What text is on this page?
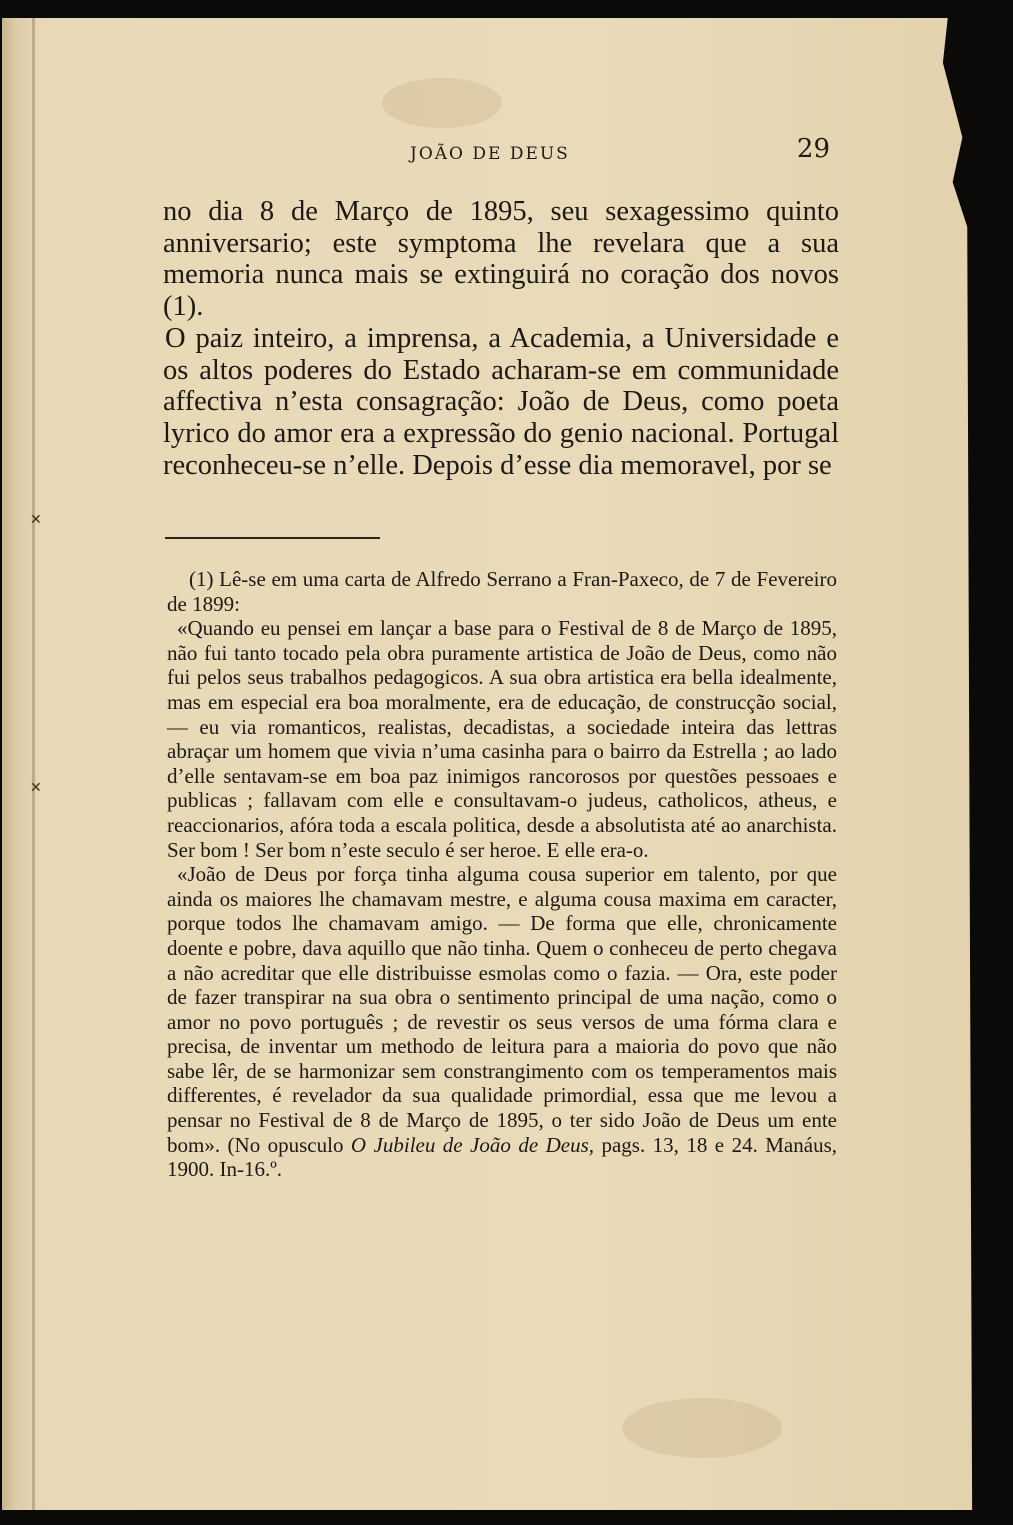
✕
✕
JOÃO DE DEUS	29

no dia 8 de Março de 1895, seu sexagessimo quinto anniversario; este symptoma lhe revelara que a sua memoria nunca mais se extinguirá no coração dos novos (1).

O paiz inteiro, a imprensa, a Academia, a Universidade e os altos poderes do Estado acharam-se em communidade affectiva n’esta consagração: João de Deus, como poeta lyrico do amor era a expressão do genio nacional. Portugal reconheceu-se n’elle. Depois d’esse dia memoravel, por se

(1) Lê-se em uma carta de Alfredo Serrano a Fran-Paxeco, de 7 de Fevereiro de 1899:

«Quando eu pensei em lançar a base para o Festival de 8 de Março de 1895, não fui tanto tocado pela obra puramente artistica de João de Deus, como não fui pelos seus trabalhos pedagogicos. A sua obra artistica era bella idealmente, mas em especial era boa moralmente, era de educação, de construcção social, — eu via romanticos, realistas, decadistas, a sociedade inteira das lettras abraçar um homem que vivia n’uma casinha para o bairro da Estrella ; ao lado d’elle sentavam-se em boa paz inimigos rancorosos por questões pessoaes e publicas ; fallavam com elle e consultavam-o judeus, catholicos, atheus, e reaccionarios, afóra toda a escala politica, desde a absolutista até ao anarchista. Ser bom ! Ser bom n’este seculo é ser heroe. E elle era-o.

«João de Deus por força tinha alguma cousa superior em talento, por que ainda os maiores lhe chamavam mestre, e alguma cousa maxima em caracter, porque todos lhe chamavam amigo. — De forma que elle, chronicamente doente e pobre, dava aquillo que não tinha. Quem o conheceu de perto chegava a não acreditar que elle distribuisse esmolas como o fazia. — Ora, este poder de fazer transpirar na sua obra o sentimento principal de uma nação, como o amor no povo português ; de revestir os seus versos de uma fórma clara e precisa, de inventar um methodo de leitura para a maioria do povo que não sabe lêr, de se harmonizar sem constrangimento com os temperamentos mais differentes, é revelador da sua qualidade primordial, essa que me levou a pensar no Festival de 8 de Março de 1895, o ter sido João de Deus um ente bom». (No opusculo O Jubileu de João de Deus, pags. 13, 18 e 24. Manáus, 1900. In-16.º.
